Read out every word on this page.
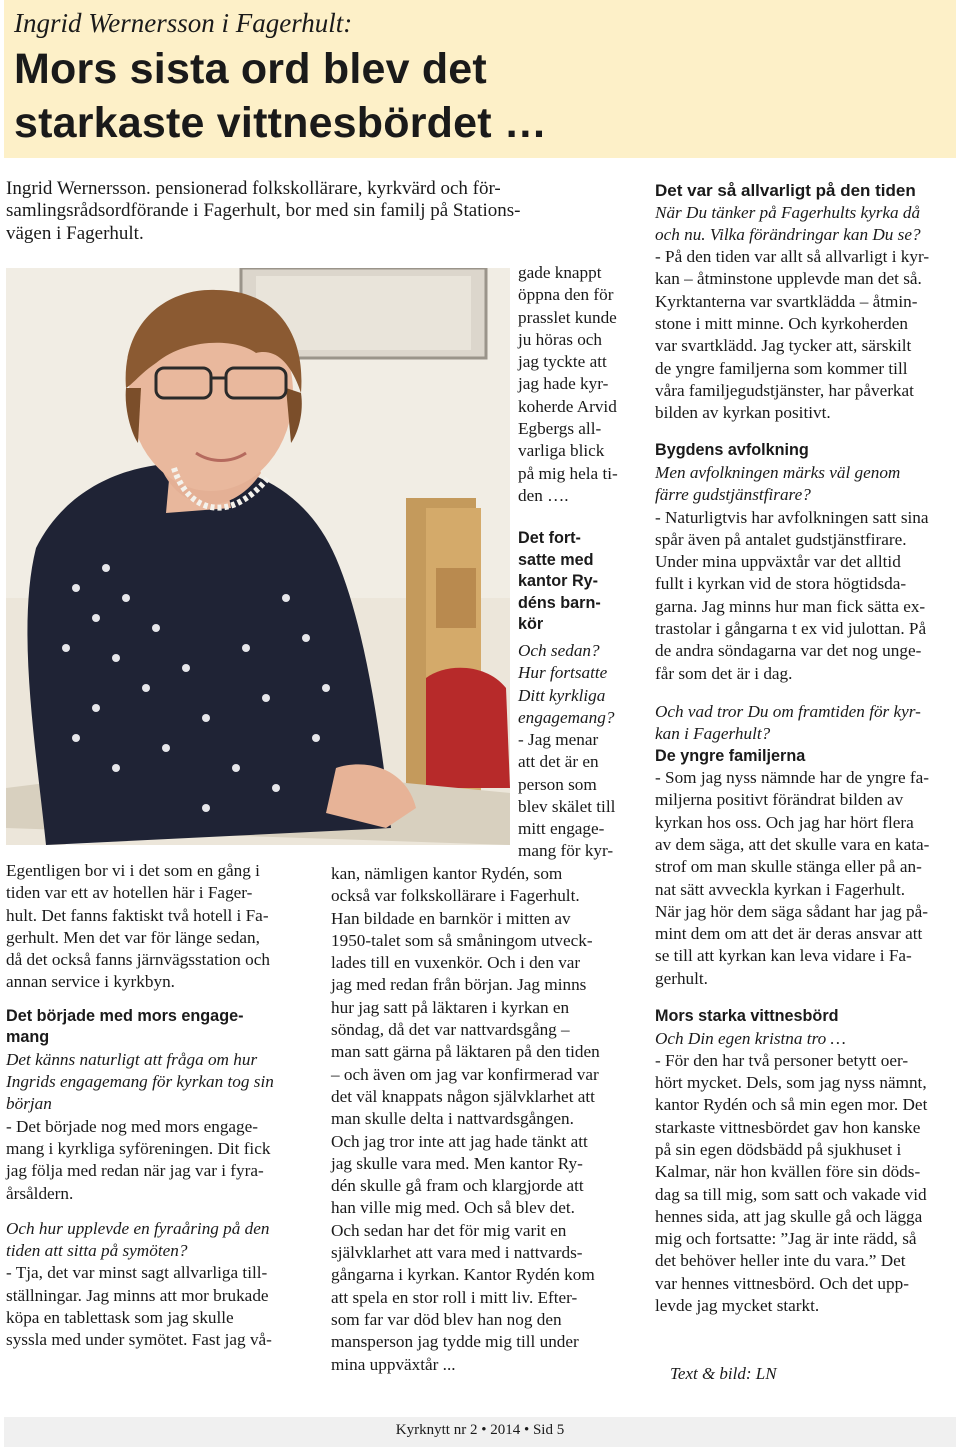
Ingrid Wernersson i Fagerhult:
Mors sista ord blev det
starkaste vittnesbördet …
Ingrid Wernersson. pensionerad folkskollärare, kyrkvärd och för-
samlingsrådsordförande i Fagerhult, bor med sin familj på Stations-
vägen i Fagerhult.
gade knappt
öppna den för
prasslet kunde
ju höras och
jag tyckte att
jag hade kyr-
koherde Arvid
Egbergs all-
varliga blick
på mig hela ti-
den ….
Det fort-
satte med
kantor Ry-
déns barn-
kör
Och sedan?
Hur fortsatte
Ditt kyrkliga
engagemang?
- Jag menar
att det är en
person som
blev skälet till
mitt engage-
mang för kyr-
kan, nämligen kantor Rydén, som
också var folkskollärare i Fagerhult.
Han bildade en barnkör i mitten av
1950-talet som så småningom utveck-
lades till en vuxenkör. Och i den var
jag med redan från början. Jag minns
hur jag satt på läktaren i kyrkan en
söndag, då det var nattvardsgång –
man satt gärna på läktaren på den tiden
– och även om jag var konfirmerad var
det väl knappats någon självklarhet att
man skulle delta i nattvardsgången.
Och jag tror inte att jag hade tänkt att
jag skulle vara med. Men kantor Ry-
dén skulle gå fram och klargjorde att
han ville mig med. Och så blev det.
Och sedan har det för mig varit en
självklarhet att vara med i nattvards-
gångarna i kyrkan. Kantor Rydén kom
att spela en stor roll i mitt liv. Efter-
som far var död blev han nog den
mansperson jag tydde mig till under
mina uppväxtår ...
Egentligen bor vi i det som en gång i
tiden var ett av hotellen här i Fager-
hult. Det fanns faktiskt två hotell i Fa-
gerhult. Men det var för länge sedan,
då det också fanns järnvägsstation och
annan service i kyrkbyn.
Det började med mors engage-
mang
Det känns naturligt att fråga om hur
Ingrids engagemang för kyrkan tog sin
början
- Det började nog med mors engage-
mang i kyrkliga syföreningen. Dit fick
jag följa med redan när jag var i fyra-
årsåldern.
Och hur upplevde en fyraåring på den
tiden att sitta på symöten?
- Tja, det var minst sagt allvarliga till-
ställningar. Jag minns att mor brukade
köpa en tablettask som jag skulle
syssla med under symötet. Fast jag vå-
Det var så allvarligt på den tiden
När Du tänker på Fagerhults kyrka då
och nu. Vilka förändringar kan Du se?
- På den tiden var allt så allvarligt i kyr-
kan – åtminstone upplevde man det så.
Kyrktanterna var svartklädda – åtmin-
stone i mitt minne. Och kyrkoherden
var svartklädd. Jag tycker att, särskilt
de yngre familjerna som kommer till
våra familjegudstjänster, har påverkat
bilden av kyrkan positivt.
Bygdens avfolkning
Men avfolkningen märks väl genom
färre gudstjänstfirare?
- Naturligtvis har avfolkningen satt sina
spår även på antalet gudstjänstfirare.
Under mina uppväxtår var det alltid
fullt i kyrkan vid de stora högtidsda-
garna. Jag minns hur man fick sätta ex-
trastolar i gångarna t ex vid julottan. På
de andra söndagarna var det nog unge-
får som det är i dag.
Och vad tror Du om framtiden för kyr-
kan i Fagerhult?
De yngre familjerna
- Som jag nyss nämnde har de yngre fa-
miljerna positivt förändrat bilden av
kyrkan hos oss. Och jag har hört flera
av dem säga, att det skulle vara en kata-
strof om man skulle stänga eller på an-
nat sätt avveckla kyrkan i Fagerhult.
När jag hör dem säga sådant har jag på-
mint dem om att det är deras ansvar att
se till att kyrkan kan leva vidare i Fa-
gerhult.
Mors starka vittnesbörd
Och Din egen kristna tro …
- För den har två personer betytt oer-
hört mycket. Dels, som jag nyss nämnt,
kantor Rydén och så min egen mor. Det
starkaste vittnesbördet gav hon kanske
på sin egen dödsbädd på sjukhuset i
Kalmar, när hon kvällen före sin döds-
dag sa till mig, som satt och vakade vid
hennes sida, att jag skulle gå och lägga
mig och fortsatte: ”Jag är inte rädd, så
det behöver heller inte du vara.” Det
var hennes vittnesbörd. Och det upp-
levde jag mycket starkt.
Text & bild: LN
Kyrknytt nr 2 • 2014 • Sid 5
